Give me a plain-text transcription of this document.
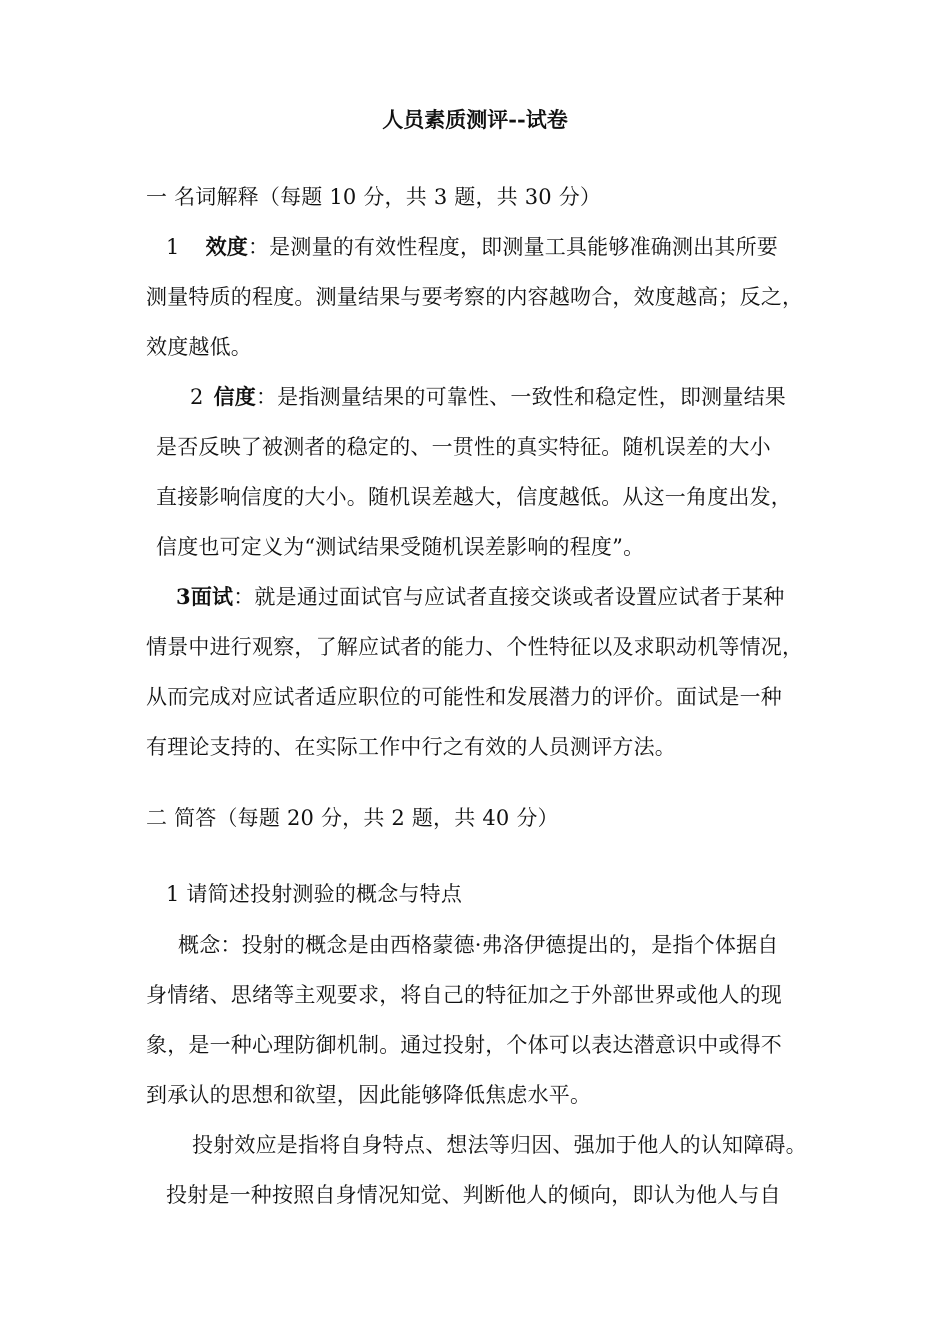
人员素质测评--试卷
一 名词解释（每题 10 分，共 3 题，共 30 分）
1 效度：是测量的有效性程度，即测量工具能够准确测出其所要
测量特质的程度。测量结果与要考察的内容越吻合，效度越高；反之，
效度越低。
2 信度：是指测量结果的可靠性、一致性和稳定性，即测量结果
是否反映了被测者的稳定的、一贯性的真实特征。随机误差的大小
直接影响信度的大小。随机误差越大，信度越低。从这一角度出发，
信度也可定义为“测试结果受随机误差影响的程度”。
3面试：就是通过面试官与应试者直接交谈或者设置应试者于某种
情景中进行观察，了解应试者的能力、个性特征以及求职动机等情况，
从而完成对应试者适应职位的可能性和发展潜力的评价。面试是一种
有理论支持的、在实际工作中行之有效的人员测评方法。
二 简答（每题 20 分，共 2 题，共 40 分）
1 请简述投射测验的概念与特点
概念：投射的概念是由西格蒙德·弗洛伊德提出的，是指个体据自
身情绪、思绪等主观要求，将自己的特征加之于外部世界或他人的现
象，是一种心理防御机制。通过投射，个体可以表达潜意识中或得不
到承认的思想和欲望，因此能够降低焦虑水平。
投射效应是指将自身特点、想法等归因、强加于他人的认知障碍。
投射是一种按照自身情况知觉、判断他人的倾向，即认为他人与自
